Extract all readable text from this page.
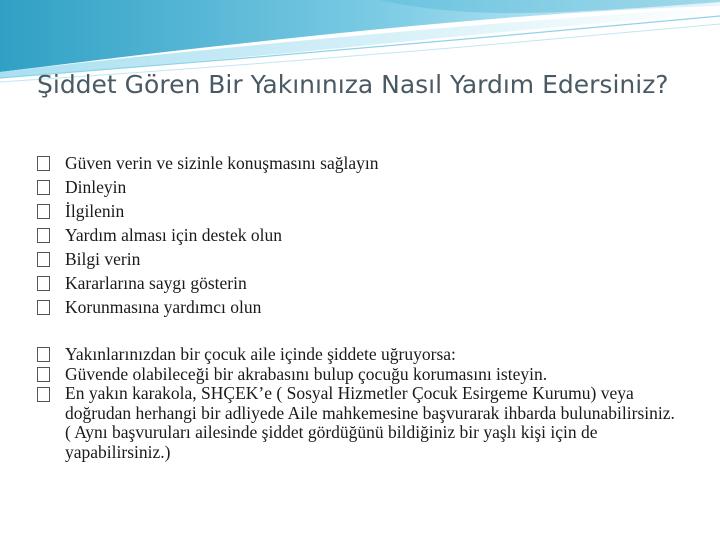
Şiddet Gören Bir Yakınınıza Nasıl Yardım Edersiniz?
Güven verin ve sizinle konuşmasını sağlayın
Dinleyin
İlgilenin
Yardım alması için destek olun
Bilgi verin
Kararlarına saygı gösterin
Korunmasına yardımcı olun
Yakınlarınızdan bir çocuk aile içinde şiddete uğruyorsa:
Güvende olabileceği bir akrabasını bulup çocuğu korumasını isteyin.
En yakın karakola, SHÇEK’e ( Sosyal Hizmetler Çocuk Esirgeme Kurumu) veya doğrudan herhangi bir adliyede Aile mahkemesine başvurarak ihbarda bulunabilirsiniz. ( Aynı başvuruları ailesinde şiddet gördüğünü bildiğiniz bir yaşlı kişi için de yapabilirsiniz.)
